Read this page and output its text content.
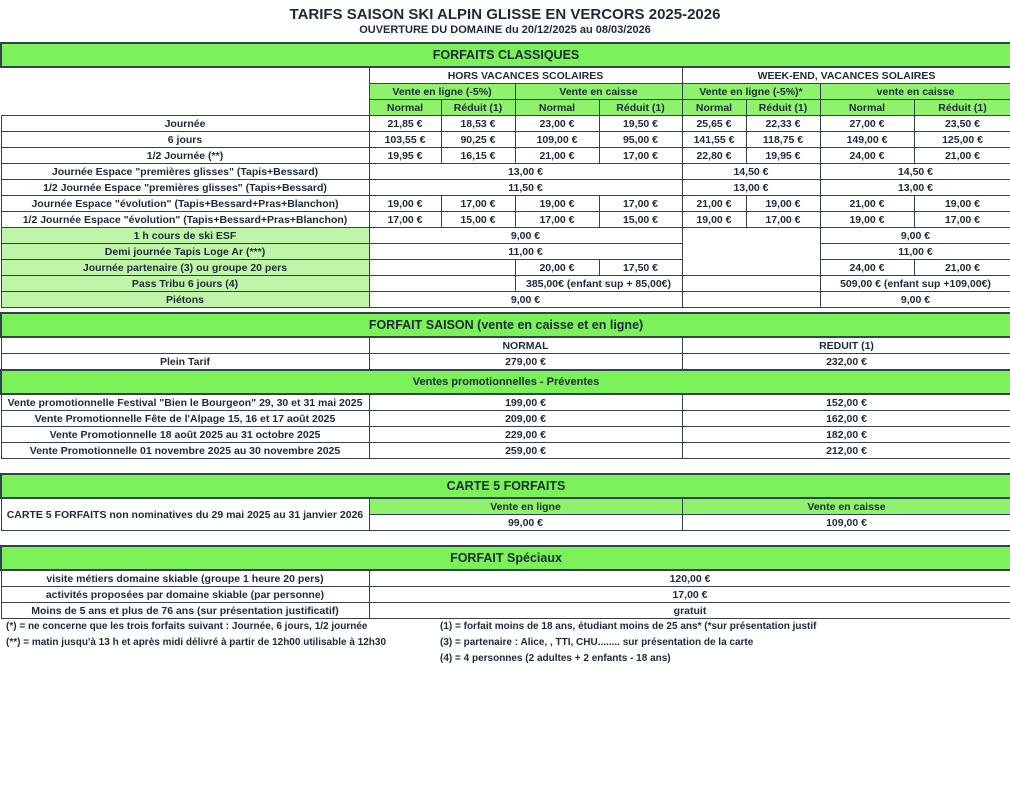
TARIFS SAISON SKI ALPIN GLISSE EN VERCORS 2025-2026
OUVERTURE DU DOMAINE du 20/12/2025 au 08/03/2026
FORFAITS CLASSIQUES								
	HORS VACANCES SCOLAIRES				WEEK-END, VACANCES SOLAIRES			
	Vente en ligne (-5%)		Vente en caisse		Vente en ligne (-5%)*		vente en caisse	
	Normal	Réduit (1)	Normal	Réduit (1)	Normal	Réduit (1)	Normal	Réduit (1)
Journée	21,85 €	18,53 €	23,00 €	19,50 €	25,65 €	22,33 €	27,00 €	23,50 €
6 jours	103,55 €	90,25 €	109,00 €	95,00 €	141,55 €	118,75 €	149,00 €	125,00 €
1/2 Journée (**)	19,95 €	16,15 €	21,00 €	17,00 €	22,80 €	19,95 €	24,00 €	21,00 €
Journée Espace "premières glisses" (Tapis+Bessard)	13,00 €				14,50 €		14,50 €	
1/2 Journée Espace "premières glisses" (Tapis+Bessard)	11,50 €				13,00 €		13,00 €	
Journée Espace "évolution" (Tapis+Bessard+Pras+Blanchon)	19,00 €	17,00 €	19,00 €	17,00 €	21,00 €	19,00 €	21,00 €	19,00 €
1/2 Journée Espace "évolution" (Tapis+Bessard+Pras+Blanchon)	17,00 €	15,00 €	17,00 €	15,00 €	19,00 €	17,00 €	19,00 €	17,00 €
1 h cours de ski ESF	9,00 €						9,00 €	
Demi journée Tapis Loge Ar (***)	11,00 €						11,00 €	
Journée partenaire (3) ou groupe 20 pers			20,00 €	17,50 €			24,00 €	21,00 €
Pass Tribu 6 jours (4)			385,00€ (enfant sup + 85,00€)				509,00 € (enfant sup +109,00€)	
Piétons	9,00 €						9,00 €	
FORFAIT SAISON (vente en caisse et en ligne)		
	NORMAL	REDUIT (1)
Plein Tarif	279,00 €	232,00 €
Ventes promotionnelles - Préventes		
Vente promotionnelle Festival "Bien le Bourgeon" 29, 30 et 31 mai 2025	199,00 €	152,00 €
Vente Promotionnelle Fête de l'Alpage 15, 16 et 17 août 2025	209,00 €	162,00 €
Vente Promotionnelle 18 août 2025 au 31 octobre 2025	229,00 €	182,00 €
Vente Promotionnelle 01 novembre 2025 au 30 novembre 2025	259,00 €	212,00 €
CARTE 5 FORFAITS		
CARTE 5 FORFAITS non nominatives du 29 mai 2025 au 31 janvier 2026	Vente en ligne	Vente en caisse
	99,00 €	109,00 €
FORFAIT Spéciaux	
visite métiers domaine skiable (groupe 1 heure 20 pers)	120,00 €
activités proposées par domaine skiable (par personne)	17,00 €
Moins de 5 ans et plus de 76 ans (sur présentation justificatif)	gratuit
(*) = ne concerne que les trois forfaits suivant : Journée, 6 jours, 1/2 journée
(**) = matin jusqu'à 13 h et après midi délivré à partir de 12h00 utilisable à 12h30
(1) = forfait moins de 18 ans, étudiant moins de 25 ans* (*sur présentation justif
(3) = partenaire : Alice, , TTI, CHU........ sur présentation de la carte
(4) = 4 personnes (2 adultes + 2 enfants - 18 ans)
